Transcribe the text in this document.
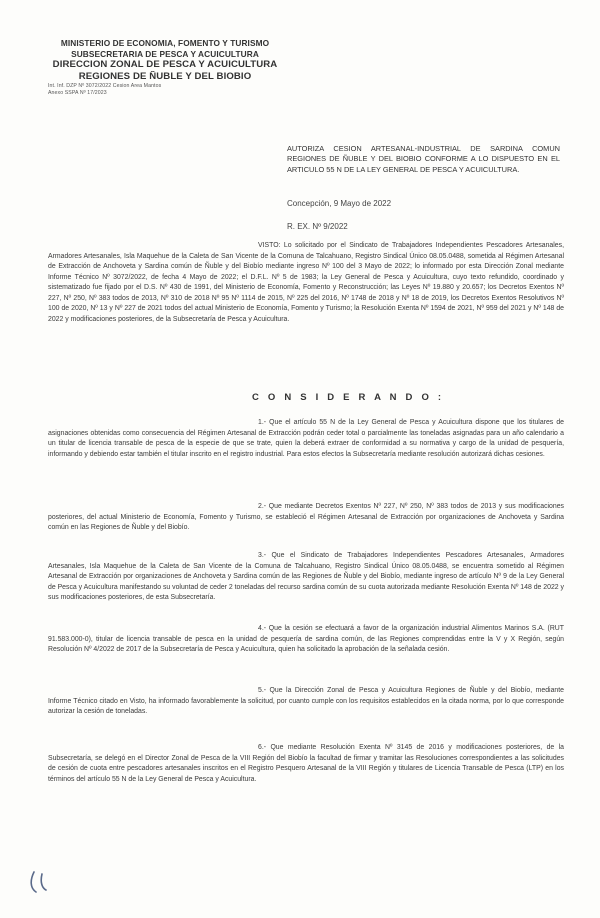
MINISTERIO DE ECONOMIA, FOMENTO Y TURISMO
SUBSECRETARIA DE PESCA Y ACUICULTURA
DIRECCION ZONAL DE PESCA Y ACUICULTURA
REGIONES DE ÑUBLE Y DEL BIOBIO
Int. Inf. DZP Nº 3072/2022 Cesion Area Mantos
Anexo SSPA Nº 17/2023
AUTORIZA CESION ARTESANAL-INDUSTRIAL DE SARDINA COMUN REGIONES DE ÑUBLE Y DEL BIOBIO CONFORME A LO DISPUESTO EN EL ARTICULO 55 N DE LA LEY GENERAL DE PESCA Y ACUICULTURA.
Concepción, 9 Mayo de 2022
R. EX. Nº 9/2022
VISTO: Lo solicitado por el Sindicato de Trabajadores Independientes Pescadores Artesanales, Armadores Artesanales, Isla Maquehue de la Caleta de San Vicente de la Comuna de Talcahuano, Registro Sindical Único 08.05.0488, sometida al Régimen Artesanal de Extracción de Anchoveta y Sardina común de Ñuble y del Biobío mediante ingreso Nº 100 del 3 Mayo de 2022; lo informado por esta Dirección Zonal mediante Informe Técnico Nº 3072/2022, de fecha 4 Mayo de 2022; el D.F.L. Nº 5 de 1983; la Ley General de Pesca y Acuicultura, cuyo texto refundido, coordinado y sistematizado fue fijado por el D.S. Nº 430 de 1991, del Ministerio de Economía, Fomento y Reconstrucción; las Leyes Nº 19.880 y 20.657; los Decretos Exentos Nº 227, Nº 250, Nº 383 todos de 2013, Nº 310 de 2018 Nº 95 Nº 1114 de 2015, Nº 225 del 2016, Nº 1748 de 2018 y Nº 18 de 2019, los Decretos Exentos Resolutivos Nº 100 de 2020, Nº 13 y Nº 227 de 2021 todos del actual Ministerio de Economía, Fomento y Turismo; la Resolución Exenta Nº 1594 de 2021, Nº 959 del 2021 y Nº 148 de 2022 y modificaciones posteriores, de la Subsecretaría de Pesca y Acuicultura.
C O N S I D E R A N D O :
1.- Que el artículo 55 N de la Ley General de Pesca y Acuicultura dispone que los titulares de asignaciones obtenidas como consecuencia del Régimen Artesanal de Extracción podrán ceder total o parcialmente las toneladas asignadas para un año calendario a un titular de licencia transable de pesca de la especie de que se trate, quien la deberá extraer de conformidad a su normativa y cargo de la unidad de pesquería, informando y debiendo estar también el titular inscrito en el registro industrial. Para estos efectos la Subsecretaría mediante resolución autorizará dichas cesiones.
2.- Que mediante Decretos Exentos Nº 227, Nº 250, Nº 383 todos de 2013 y sus modificaciones posteriores, del actual Ministerio de Economía, Fomento y Turismo, se estableció el Régimen Artesanal de Extracción por organizaciones de Anchoveta y Sardina común en las Regiones de Ñuble y del Biobío.
3.- Que el Sindicato de Trabajadores Independientes Pescadores Artesanales, Armadores Artesanales, Isla Maquehue de la Caleta de San Vicente de la Comuna de Talcahuano, Registro Sindical Único 08.05.0488, se encuentra sometido al Régimen Artesanal de Extracción por organizaciones de Anchoveta y Sardina común de las Regiones de Ñuble y del Biobío, mediante ingreso de artículo Nº 9 de la Ley General de Pesca y Acuicultura manifestando su voluntad de ceder 2 toneladas del recurso sardina común de su cuota autorizada mediante Resolución Exenta Nº 148 de 2022 y sus modificaciones posteriores, de esta Subsecretaría.
4.- Que la cesión se efectuará a favor de la organización industrial Alimentos Marinos S.A. (RUT 91.583.000-0), titular de licencia transable de pesca en la unidad de pesquería de sardina común, de las Regiones comprendidas entre la V y X Región, según Resolución Nº 4/2022 de 2017 de la Subsecretaría de Pesca y Acuicultura, quien ha solicitado la aprobación de la señalada cesión.
5.- Que la Dirección Zonal de Pesca y Acuicultura Regiones de Ñuble y del Biobío, mediante Informe Técnico citado en Visto, ha informado favorablemente la solicitud, por cuanto cumple con los requisitos establecidos en la citada norma, por lo que corresponde autorizar la cesión de toneladas.
6.- Que mediante Resolución Exenta Nº 3145 de 2016 y modificaciones posteriores, de la Subsecretaría, se delegó en el Director Zonal de Pesca de la VIII Región del Biobío la facultad de firmar y tramitar las Resoluciones correspondientes a las solicitudes de cesión de cuota entre pescadores artesanales inscritos en el Registro Pesquero Artesanal de la VIII Región y titulares de Licencia Transable de Pesca (LTP) en los términos del artículo 55 N de la Ley General de Pesca y Acuicultura.
